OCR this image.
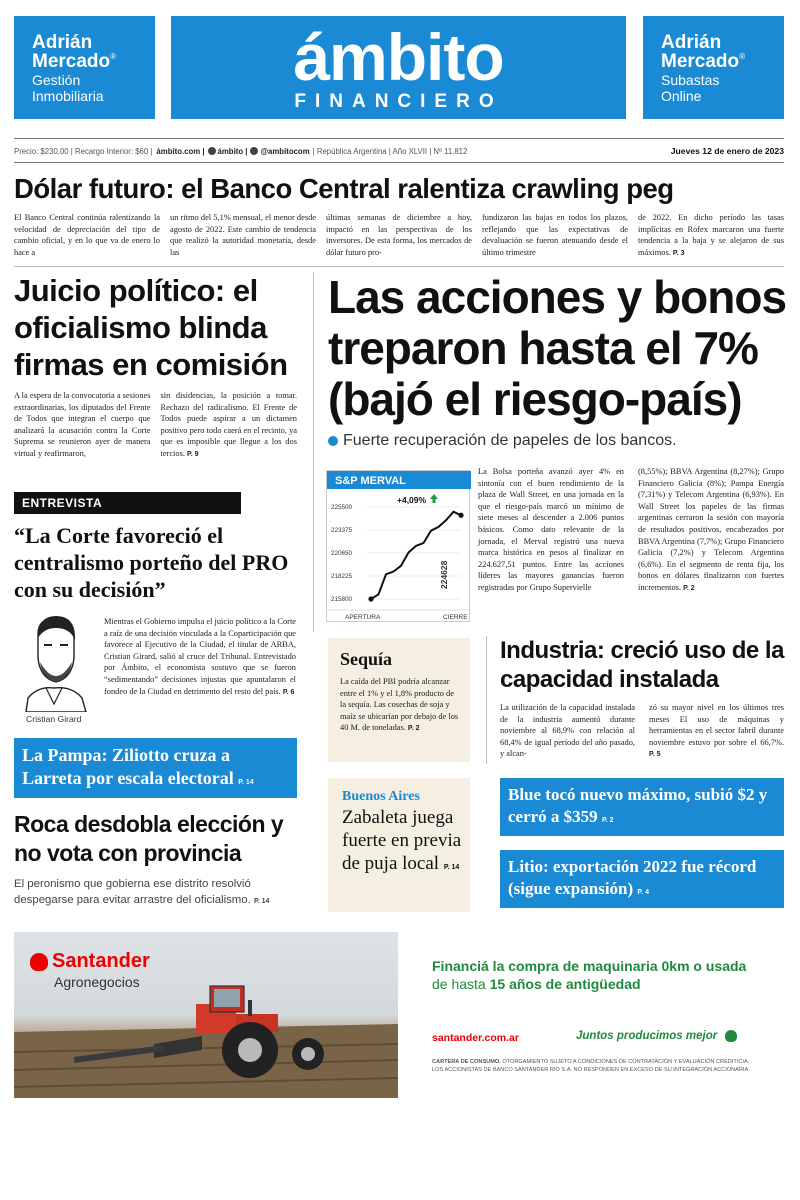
Adrián
Mercado ®
Gestión
Inmobiliaria
ámbito
FINANCIERO
Adrián
Mercado ®
Subastas
Online
Precio: $230,00 | Recargo Interior: $60 | ámbito.com | ámbito | @ambitocom | República Argentina | Año XLVII | Nº 11.812	Jueves 12 de enero de 2023
Dólar futuro: el Banco Central ralentiza crawling peg
El Banco Central continúa ralentizando la velocidad de depreciación del tipo de cambio oficial, y en lo que va de enero lo hace a
un ritmo del 5,1% mensual, el menor desde agosto de 2022. Este cambio de tendencia que realizó la autoridad monetaria, desde las
últimas semanas de diciembre a hoy, impactó en las perspectivas de los inversores. De esta forma, los mercados de dólar futuro pro-
fundizaron las bajas en todos los plazos, reflejando que las expectativas de devaluación se fueron atenuando desde el último trimestre
de 2022. En dicho período las tasas implícitas en Rofex marcaron una fuerte tendencia a la baja y se alejaron de sus máximos. P. 3
Juicio político: el oficialismo blinda firmas en comisión
A la espera de la convocatoria a sesiones extraordinarias, los diputados del Frente de Todos que integran el cuerpo que analizará la acusación contra la Corte Suprema se reunieron ayer de manera virtual y reafirmaron,
sin disidencias, la posición a tomar. Rechazo del radicalismo. El Frente de Todos puede aspirar a un dictamen positivo pero todo caerá en el recinto, ya que es imposible que llegue a los dos tercios. P. 9
Las acciones y bonos treparon hasta el 7% (bajó el riesgo-país)
Fuerte recuperación de papeles de los bancos.
S&P MERVAL
225500
223375
220650
218225
215800
+4,09%
224628
APERTURA	CIERRE
La Bolsa porteña avanzó ayer 4% en sintonía con el buen rendimiento de la plaza de Wall Street, en una jornada en la que el riesgo-país marcó un mínimo de siete meses al descender a 2.006 puntos básicos. Como dato relevante de la jornada, el Merval registró una nueva marca histórica en pesos al finalizar en 224.627,51 puntos. Entre las acciones líderes las mayores ganancias fueron registradas por Grupo Supervielle
(8,55%); BBVA Argentina (8,27%); Grupo Financiero Galicia (8%); Pampa Energía (7,31%) y Telecom Argentina (6,93%). En Wall Street los papeles de las firmas argentinas cerraron la sesión con mayoría de resultados positivos, encabezados por BBVA Argentina (7,7%); Grupo Financiero Galicia (7,2%) y Telecom Argentina (6,6%). En el segmento de renta fija, los bonos en dólares finalizaron con fuertes incrementos. P. 2
ENTREVISTA
“La Corte favoreció el centralismo porteño del PRO con su decisión”
Cristian Girard
Mientras el Gobierno impulsa el juicio político a la Corte a raíz de una decisión vinculada a la Coparticipación que favorece al Ejecutivo de la Ciudad, el titular de ARBA, Cristian Girard, salió al cruce del Tribunal. Entrevistado por Ámbito, el economista sostuvo que se fueron “sedimentando” decisiones injustas que apuntalaron el fondeo de la Ciudad en detrimento del resto del país. P. 6
Sequía
La caída del PBI podría alcanzar entre el 1% y el 1,8% producto de la sequía. Las cosechas de soja y maíz se ubicarían por debajo de los 40 M. de toneladas. P. 2
Industria: creció uso de la capacidad instalada
La utilización de la capacidad instalada de la industria aumentó durante noviembre al 68,9% con relación al 68,4% de igual período del año pasado, y alcan-
zó su mayor nivel en los últimos tres meses El uso de máquinas y herramientas en el sector fabril durante noviembre estuvo por sobre el 66,7%. P. 5
La Pampa: Ziliotto cruza a Larreta por escala electoral P. 14
Roca desdobla elección y no vota con provincia
El peronismo que gobierna ese distrito resolvió despegarse para evitar arrastre del oficialismo. P. 14
Buenos Aires
Zabaleta juega fuerte en previa de puja local P. 14
Blue tocó nuevo máximo, subió $2 y cerró a $359 P. 2
Litio: exportación 2022 fue récord (sigue expansión) P. 4
Santander
Agronegocios
Financiá la compra de maquinaria 0km o usada
de hasta 15 años de antigüedad
santander.com.ar	Juntos producimos mejor
CARTERA DE CONSUMO. OTORGAMIENTO SUJETO A CONDICIONES DE CONTRATACIÓN Y EVALUACIÓN CREDITICIA.
LOS ACCIONISTAS DE BANCO SANTANDER RÍO S.A. NO RESPONDEN EN EXCESO DE SU INTEGRACIÓN ACCIONARIA.
